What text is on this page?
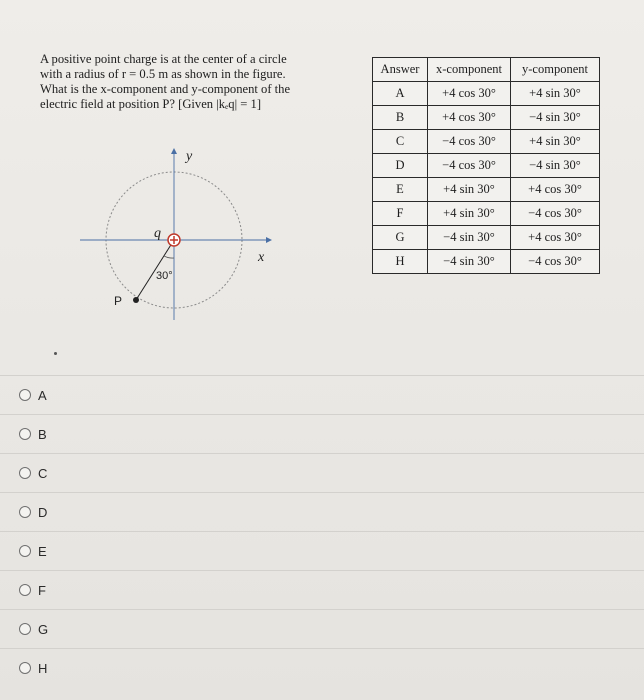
A positive point charge is at the center of a circle
with a radius of r = 0.5 m as shown in the figure.
What is the x-component and y-component of the
electric field at position P? [Given |kₑq| = 1]
y
x
q
30°
P
Answer	x-component	y-component
A	+4 cos 30°	+4 sin 30°
B	+4 cos 30°	−4 sin 30°
C	−4 cos 30°	+4 sin 30°
D	−4 cos 30°	−4 sin 30°
E	+4 sin 30°	+4 cos 30°
F	+4 sin 30°	−4 cos 30°
G	−4 sin 30°	+4 cos 30°
H	−4 sin 30°	−4 cos 30°
A
B
C
D
E
F
G
H
